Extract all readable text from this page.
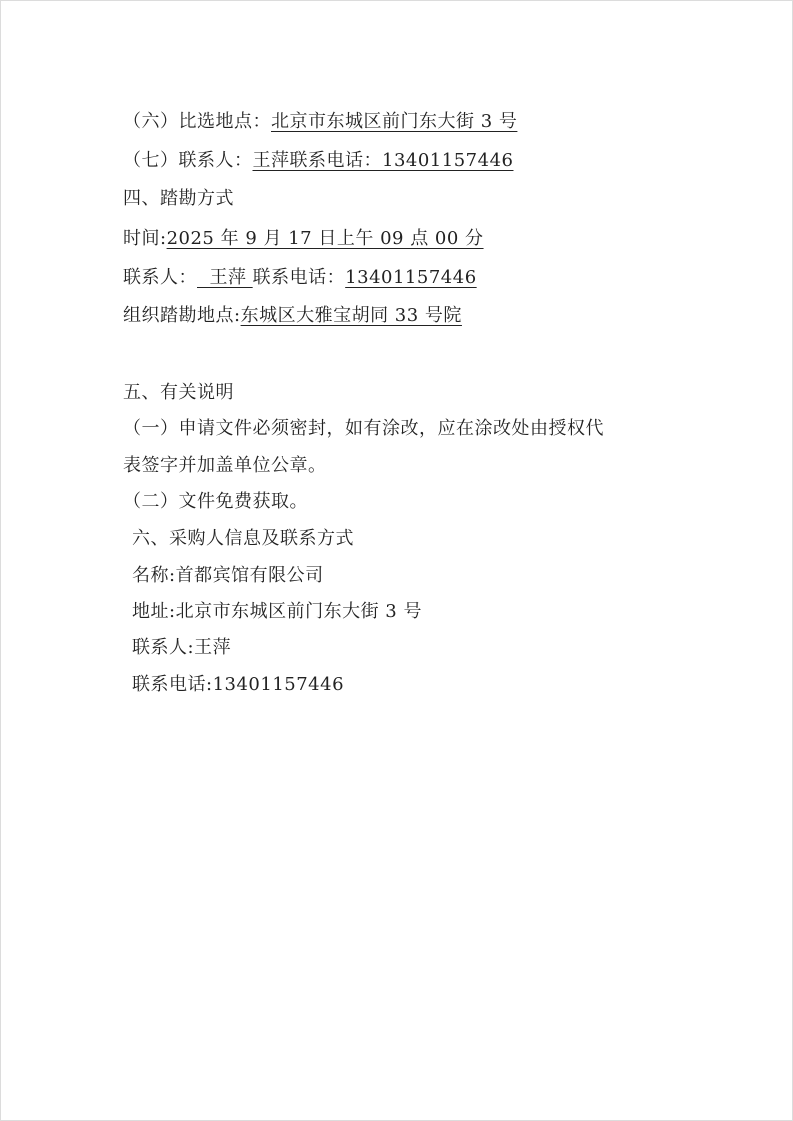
（六）比选地点：北京市东城区前门东大街 3 号
（七）联系人：王萍联系电话：13401157446
四、踏勘方式
时间:2025 年 9 月 17 日上午 09 点 00 分
联系人：  王萍 联系电话：13401157446
组织踏勘地点:东城区大雅宝胡同 33 号院
五、有关说明
（一）申请文件必须密封，如有涂改，应在涂改处由授权代
表签字并加盖单位公章。
（二）文件免费获取。
六、采购人信息及联系方式
名称:首都宾馆有限公司
地址:北京市东城区前门东大街 3 号
联系人:王萍
联系电话:13401157446
